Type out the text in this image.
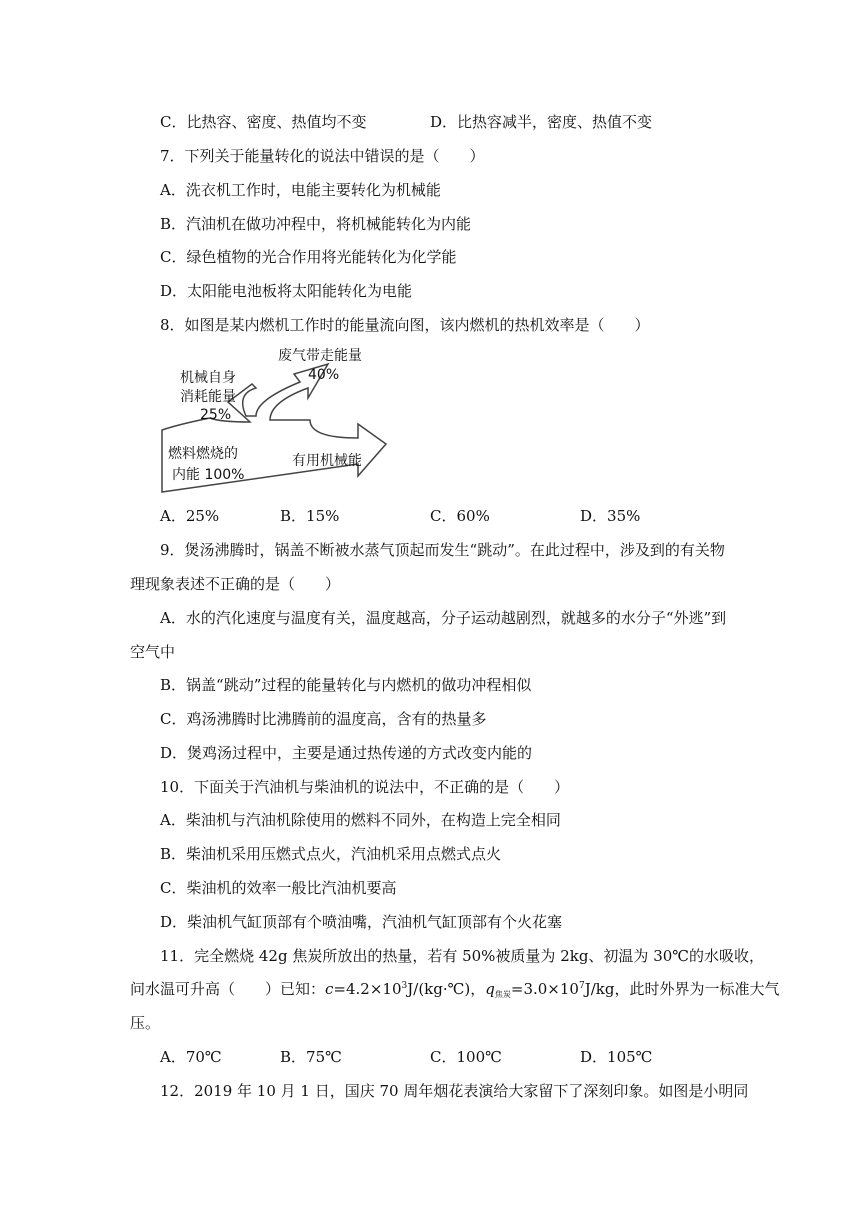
C．比热容、密度、热值均不变	D．比热容减半，密度、热值不变
7．下列关于能量转化的说法中错误的是（　　）
A．洗衣机工作时，电能主要转化为机械能
B．汽油机在做功冲程中，将机械能转化为内能
C．绿色植物的光合作用将光能转化为化学能
D．太阳能电池板将太阳能转化为电能
8．如图是某内燃机工作时的能量流向图，该内燃机的热机效率是（　　）
废气带走能量
40%
机械自身
消耗能量
25%
燃料燃烧的
内能 100%
有用机械能
A．25%	B．15%	C．60%	D．35%
9．煲汤沸腾时，锅盖不断被水蒸气顶起而发生“跳动”。在此过程中，涉及到的有关物
理现象表述不正确的是（　　）
A．水的汽化速度与温度有关，温度越高，分子运动越剧烈，就越多的水分子“外逃”到
空气中
B．锅盖“跳动”过程的能量转化与内燃机的做功冲程相似
C．鸡汤沸腾时比沸腾前的温度高，含有的热量多
D．煲鸡汤过程中，主要是通过热传递的方式改变内能的
10．下面关于汽油机与柴油机的说法中，不正确的是（　　）
A．柴油机与汽油机除使用的燃料不同外，在构造上完全相同
B．柴油机采用压燃式点火，汽油机采用点燃式点火
C．柴油机的效率一般比汽油机要高
D．柴油机气缸顶部有个喷油嘴，汽油机气缸顶部有个火花塞
11．完全燃烧 42g 焦炭所放出的热量，若有 50%被质量为 2kg、初温为 30℃的水吸收，
问水温可升高（　　）已知：$c=4.2\times 10^3J/(kg\cdot℃)$，$q_{焦炭}=3.0\times 10^7J/kg$，此时外界为一标准大气
压。
A．70℃	B．75℃	C．100℃	D．105℃
12．2019 年 10 月 1 日，国庆 70 周年烟花表演给大家留下了深刻印象。如图是小明同
